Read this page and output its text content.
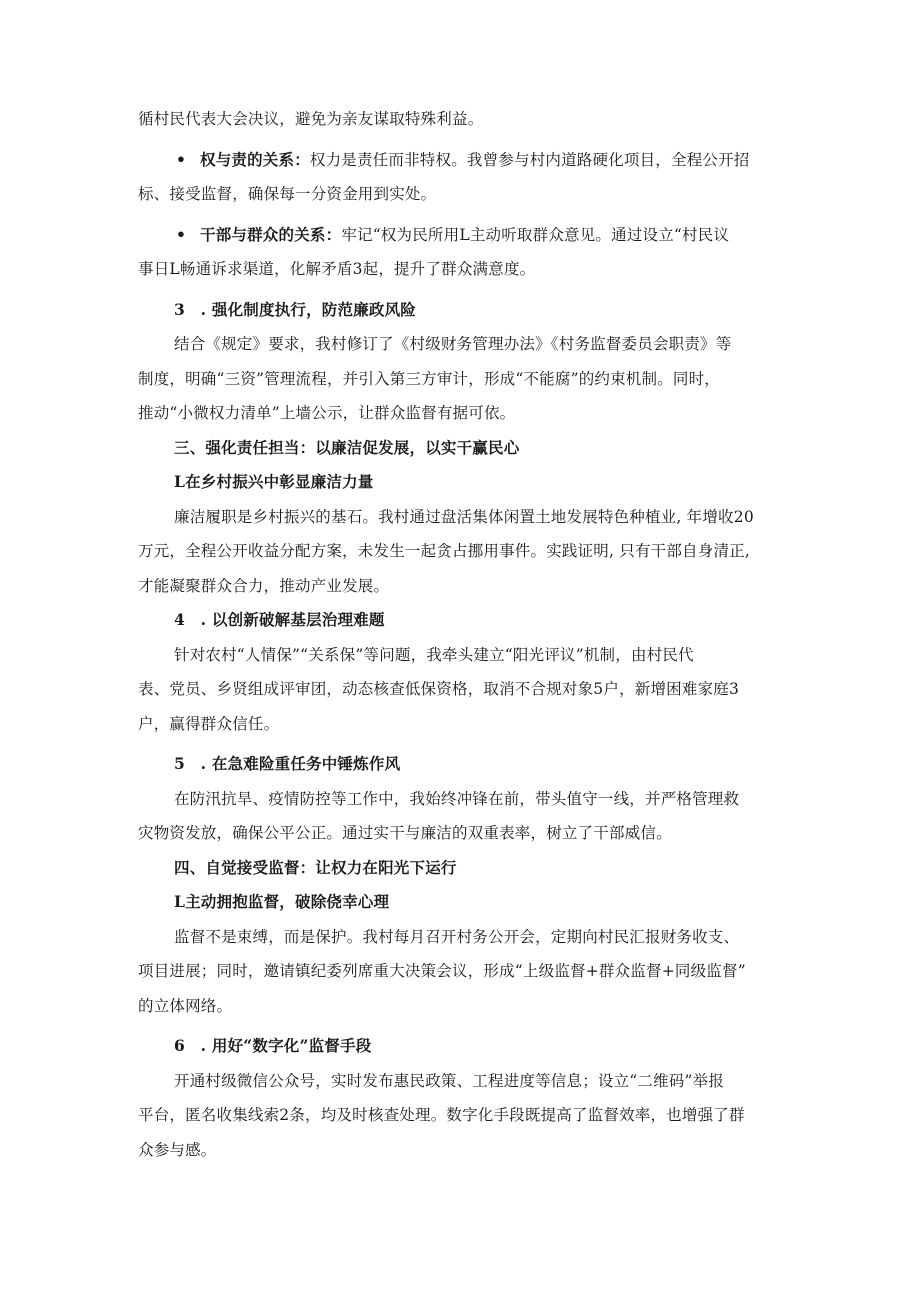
循村民代表大会决议，避免为亲友谋取特殊利益。
• 权与责的关系：权力是责任而非特权。我曾参与村内道路硬化项目，全程公开招
标、接受监督，确保每一分资金用到实处。
• 干部与群众的关系：牢记“权为民所用L主动听取群众意见。通过设立“村民议
事日L畅通诉求渠道，化解矛盾3起，提升了群众满意度。
3　. 强化制度执行，防范廉政风险
结合《规定》要求，我村修订了《村级财务管理办法》《村务监督委员会职责》等
制度，明确“三资”管理流程，并引入第三方审计，形成“不能腐”的约束机制。同时，
推动“小微权力清单”上墙公示，让群众监督有据可依。
三、强化责任担当：以廉洁促发展，以实干赢民心
L在乡村振兴中彰显廉洁力量
廉洁履职是乡村振兴的基石。我村通过盘活集体闲置土地发展特色种植业, 年增收20
万元，全程公开收益分配方案，未发生一起贪占挪用事件。实践证明, 只有干部自身清正,
才能凝聚群众合力，推动产业发展。
4　. 以创新破解基层治理难题
针对农村“人情保”“关系保”等问题，我牵头建立“阳光评议”机制，由村民代
表、党员、乡贤组成评审团，动态核查低保资格，取消不合规对象5户，新增困难家庭3
户，赢得群众信任。
5　. 在急难险重任务中锤炼作风
在防汛抗旱、疫情防控等工作中，我始终冲锋在前，带头值守一线，并严格管理救
灾物资发放，确保公平公正。通过实干与廉洁的双重表率，树立了干部威信。
四、自觉接受监督：让权力在阳光下运行
L主动拥抱监督，破除侥幸心理
监督不是束缚，而是保护。我村每月召开村务公开会，定期向村民汇报财务收支、
项目进展；同时，邀请镇纪委列席重大决策会议，形成“上级监督+群众监督+同级监督”
的立体网络。
6　. 用好“数字化”监督手段
开通村级微信公众号，实时发布惠民政策、工程进度等信息；设立“二维码”举报
平台，匿名收集线索2条，均及时核查处理。数字化手段既提高了监督效率，也增强了群
众参与感。
